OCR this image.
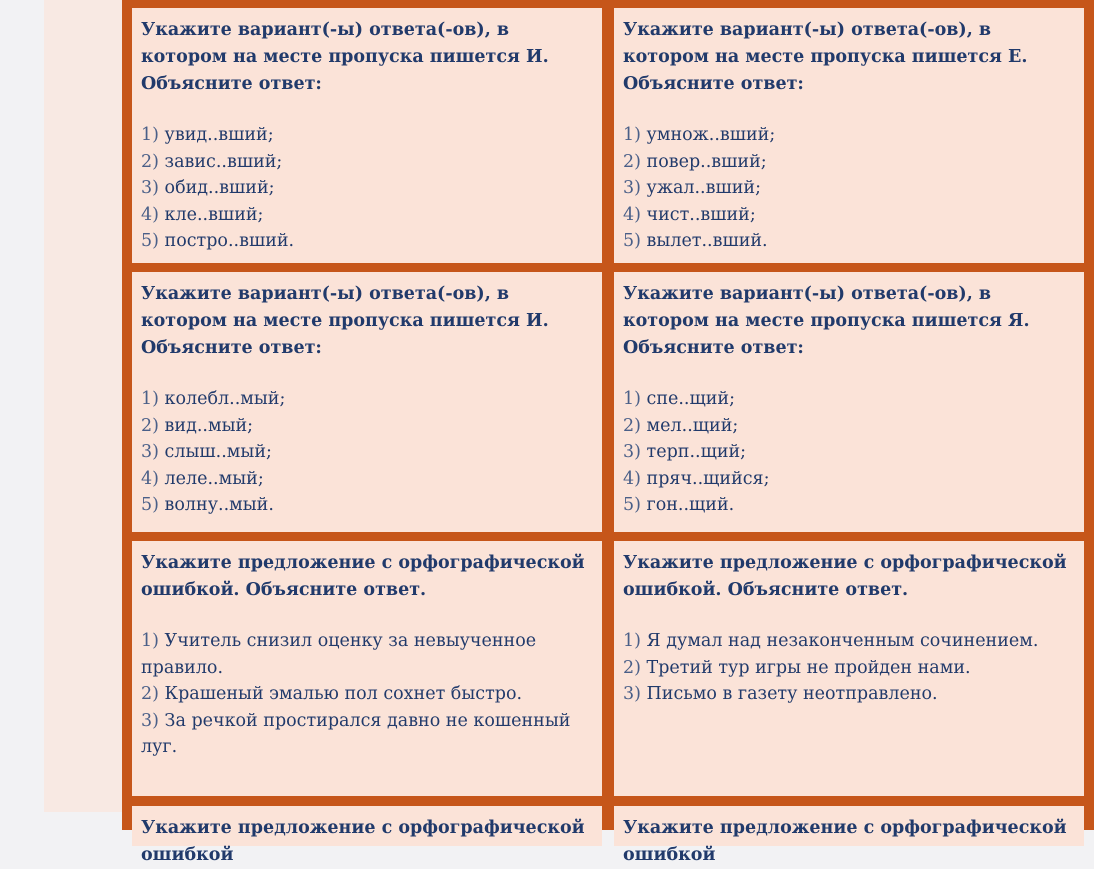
Укажите вариант(-ы) ответа(-ов), в котором на месте пропуска пишется И. Объясните ответ:

1) увид..вший;
2) завис..вший;
3) обид..вший;
4) кле..вший;
5) постро..вший.

Укажите вариант(-ы) ответа(-ов), в котором на месте пропуска пишется Е. Объясните ответ:

1) умнож..вший;
2) повер..вший;
3) ужал..вший;
4) чист..вший;
5) вылет..вший.

Укажите вариант(-ы) ответа(-ов), в котором на месте пропуска пишется И. Объясните ответ:

1) колебл..мый;
2) вид..мый;
3) слыш..мый;
4) леле..мый;
5) волну..мый.

Укажите вариант(-ы) ответа(-ов), в котором на месте пропуска пишется Я. Объясните ответ:

1) спе..щий;
2) мел..щий;
3) терп..щий;
4) пряч..щийся;
5) гон..щий.

Укажите предложение с орфографической ошибкой. Объясните ответ.

1) Учитель снизил оценку за невыученное правило.
2) Крашеный эмалью пол сохнет быстро.
3) За речкой простирался давно не кошенный луг.

Укажите предложение с орфографической ошибкой. Объясните ответ.

1) Я думал над незаконченным сочинением.
2) Третий тур игры не пройден нами.
3) Письмо в газету неотправлено.

Укажите предложение с орфографической ошибкой

Укажите предложение с орфографической ошибкой
